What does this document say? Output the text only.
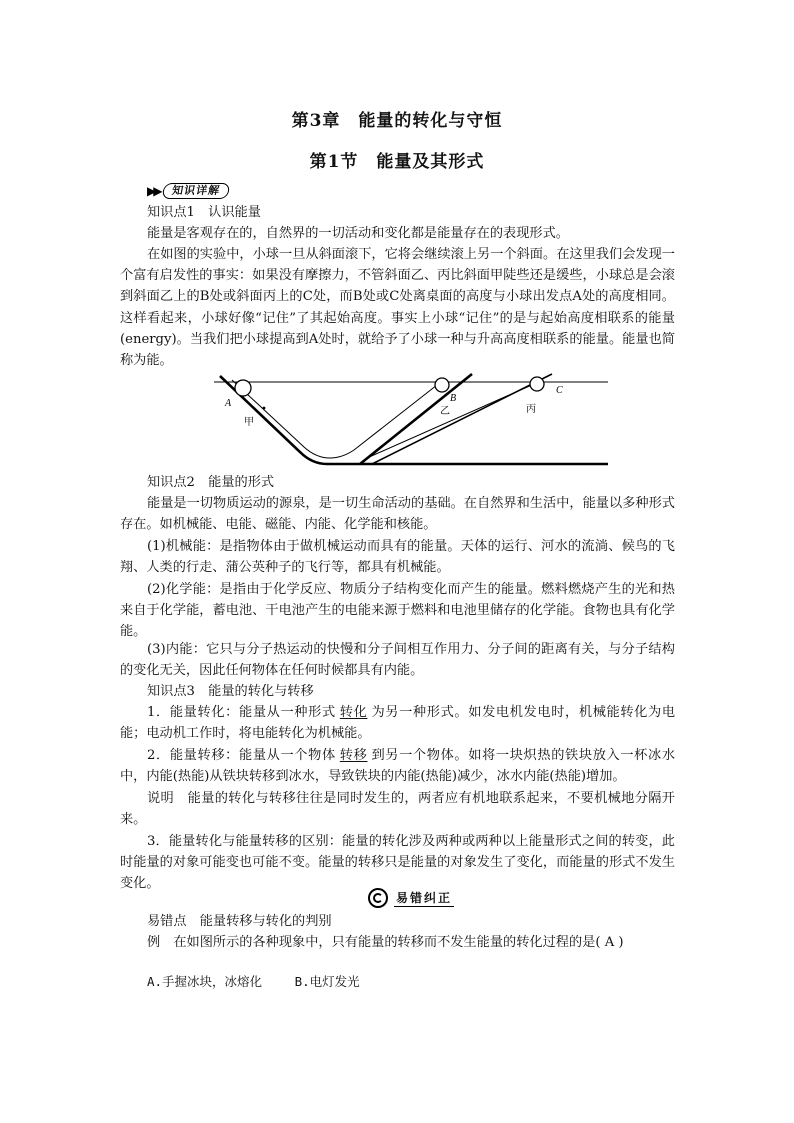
第3章　能量的转化与守恒
第1节　能量及其形式
▶▶	知识详解
知识点1　认识能量
能量是客观存在的，自然界的一切活动和变化都是能量存在的表现形式。
在如图的实验中，小球一旦从斜面滚下，它将会继续滚上另一个斜面。在这里我们会发现一个富有启发性的事实：如果没有摩擦力，不管斜面乙、丙比斜面甲陡些还是缓些，小球总是会滚到斜面乙上的B处或斜面丙上的C处，而B处或C处离桌面的高度与小球出发点A处的高度相同。这样看起来，小球好像“记住”了其起始高度。事实上小球“记住”的是与起始高度相联系的能量(energy)。当我们把小球提高到A处时，就给予了小球一种与升高高度相联系的能量。能量也简称为能。
A	B
C
甲
乙	丙
知识点2　能量的形式
能量是一切物质运动的源泉，是一切生命活动的基础。在自然界和生活中，能量以多种形式存在。如机械能、电能、磁能、内能、化学能和核能。
(1)机械能：是指物体由于做机械运动而具有的能量。天体的运行、河水的流淌、候鸟的飞翔、人类的行走、蒲公英种子的飞行等，都具有机械能。
(2)化学能：是指由于化学反应、物质分子结构变化而产生的能量。燃料燃烧产生的光和热来自于化学能，蓄电池、干电池产生的电能来源于燃料和电池里储存的化学能。食物也具有化学能。
(3)内能：它只与分子热运动的快慢和分子间相互作用力、分子间的距离有关，与分子结构的变化无关，因此任何物体在任何时候都具有内能。
知识点3　能量的转化与转移
1．能量转化：能量从一种形式 转化 为另一种形式。如发电机发电时，机械能转化为电能；电动机工作时，将电能转化为机械能。
2．能量转移：能量从一个物体 转移 到另一个物体。如将一块炽热的铁块放入一杯冰水中，内能(热能)从铁块转移到冰水，导致铁块的内能(热能)减少，冰水内能(热能)增加。
说明　能量的转化与转移往往是同时发生的，两者应有机地联系起来，不要机械地分隔开来。
3．能量转化与能量转移的区别：能量的转化涉及两种或两种以上能量形式之间的转变，此时能量的对象可能变也可能不变。能量的转移只是能量的对象发生了变化，而能量的形式不发生变化。
易错纠正
易错点　能量转移与转化的判别
例　在如图所示的各种现象中，只有能量的转移而不发生能量的转化过程的是( A )
A.手握冰块，冰熔化　　 B.电灯发光
